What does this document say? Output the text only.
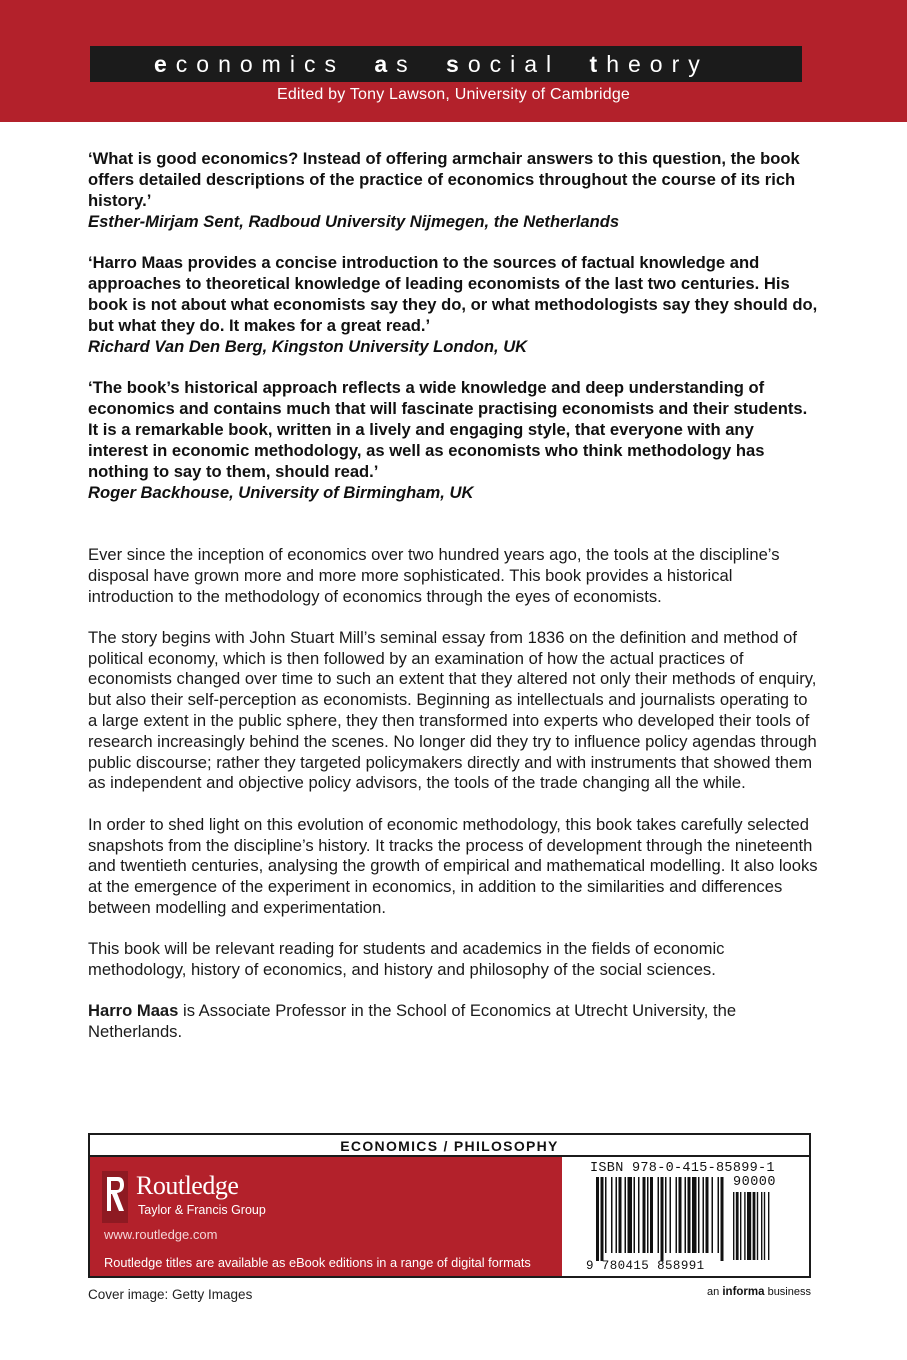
economics as social theory
Edited by Tony Lawson, University of Cambridge
‘What is good economics? Instead of offering armchair answers to this question, the book offers detailed descriptions of the practice of economics throughout the course of its rich history.’
Esther-Mirjam Sent, Radboud University Nijmegen, the Netherlands
‘Harro Maas provides a concise introduction to the sources of factual knowledge and approaches to theoretical knowledge of leading economists of the last two centuries. His book is not about what economists say they do, or what methodologists say they should do, but what they do. It makes for a great read.’
Richard Van Den Berg, Kingston University London, UK
‘The book’s historical approach reflects a wide knowledge and deep understanding of economics and contains much that will fascinate practising economists and their students. It is a remarkable book, written in a lively and engaging style, that everyone with any interest in economic methodology, as well as economists who think methodology has nothing to say to them, should read.’
Roger Backhouse, University of Birmingham, UK

Ever since the inception of economics over two hundred years ago, the tools at the discipline’s disposal have grown more and more more sophisticated. This book provides a historical introduction to the methodology of economics through the eyes of economists.

The story begins with John Stuart Mill’s seminal essay from 1836 on the definition and method of political economy, which is then followed by an examination of how the actual practices of economists changed over time to such an extent that they altered not only their methods of enquiry, but also their self-perception as economists. Beginning as intellectuals and journalists operating to a large extent in the public sphere, they then transformed into experts who developed their tools of research increasingly behind the scenes. No longer did they try to influence policy agendas through public discourse; rather they targeted policymakers directly and with instruments that showed them as independent and objective policy advisors, the tools of the trade changing all the while.

In order to shed light on this evolution of economic methodology, this book takes carefully selected snapshots from the discipline’s history. It tracks the process of development through the nineteenth and twentieth centuries, analysing the growth of empirical and mathematical modelling. It also looks at the emergence of the experiment in economics, in addition to the similarities and differences between modelling and experimentation.

This book will be relevant reading for students and academics in the fields of economic methodology, history of economics, and history and philosophy of the social sciences.

Harro Maas is Associate Professor in the School of Economics at Utrecht University, the Netherlands.

ECONOMICS / PHILOSOPHY
Routledge
Taylor & Francis Group
www.routledge.com
Routledge titles are available as eBook editions in a range of digital formats
ISBN 978-0-415-85899-1
90000
9 780415 858991
Cover image: Getty Images	an informa business
